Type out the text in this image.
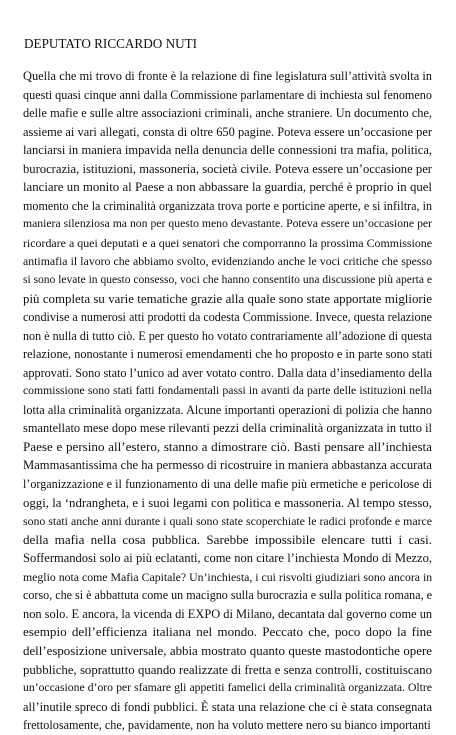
DEPUTATO RICCARDO NUTI
Quella che mi trovo di fronte è la relazione di fine legislatura sull’attività svolta in
questi quasi cinque anni dalla Commissione parlamentare di inchiesta sul fenomeno
delle mafie e sulle altre associazioni criminali, anche straniere. Un documento che,
assieme ai vari allegati, consta di oltre 650 pagine. Poteva essere un’occasione per
lanciarsi in maniera impavida nella denuncia delle connessioni tra mafia, politica,
burocrazia, istituzioni, massoneria, società civile. Poteva essere un’occasione per
lanciare un monito al Paese a non abbassare la guardia, perché è proprio in quel
momento che la criminalità organizzata trova porte e porticine aperte, e si infiltra, in
maniera silenziosa ma non per questo meno devastante. Poteva essere un’occasione per
ricordare a quei deputati e a quei senatori che comporranno la prossima Commissione
antimafia il lavoro che abbiamo svolto, evidenziando anche le voci critiche che spesso
si sono levate in questo consesso, voci che hanno consentito una discussione più aperta e
più completa su varie tematiche grazie alla quale sono state apportate migliorie
condivise a numerosi atti prodotti da codesta Commissione. Invece, questa relazione
non è nulla di tutto ciò. E per questo ho votato contrariamente all’adozione di questa
relazione, nonostante i numerosi emendamenti che ho proposto e in parte sono stati
approvati. Sono stato l’unico ad aver votato contro. Dalla data d’insediamento della
commissione sono stati fatti fondamentali passi in avanti da parte delle istituzioni nella
lotta alla criminalità organizzata. Alcune importanti operazioni di polizia che hanno
smantellato mese dopo mese rilevanti pezzi della criminalità organizzata in tutto il
Paese e persino all’estero, stanno a dimostrare ciò. Basti pensare all’inchiesta
Mammasantissima che ha permesso di ricostruire in maniera abbastanza accurata
l’organizzazione e il funzionamento di una delle mafie più ermetiche e pericolose di
oggi, la ‘ndrangheta, e i suoi legami con politica e massoneria. Al tempo stesso,
sono stati anche anni durante i quali sono state scoperchiate le radici profonde e marce
della mafia nella cosa pubblica. Sarebbe impossibile elencare tutti i casi.
Soffermandosi solo ai più eclatanti, come non citare l’inchiesta Mondo di Mezzo,
meglio nota come Mafia Capitale? Un’inchiesta, i cui risvolti giudiziari sono ancora in
corso, che si è abbattuta come un macigno sulla burocrazia e sulla politica romana, e
non solo. E ancora, la vicenda di EXPO di Milano, decantata dal governo come un
esempio dell’efficienza italiana nel mondo. Peccato che, poco dopo la fine
dell’esposizione universale, abbia mostrato quanto queste mastodontiche opere
pubbliche, soprattutto quando realizzate di fretta e senza controlli, costituiscano
un’occasione d’oro per sfamare gli appetiti famelici della criminalità organizzata. Oltre
all’inutile spreco di fondi pubblici. È stata una relazione che ci è stata consegnata
frettolosamente, che, pavidamente, non ha voluto mettere nero su bianco importanti
